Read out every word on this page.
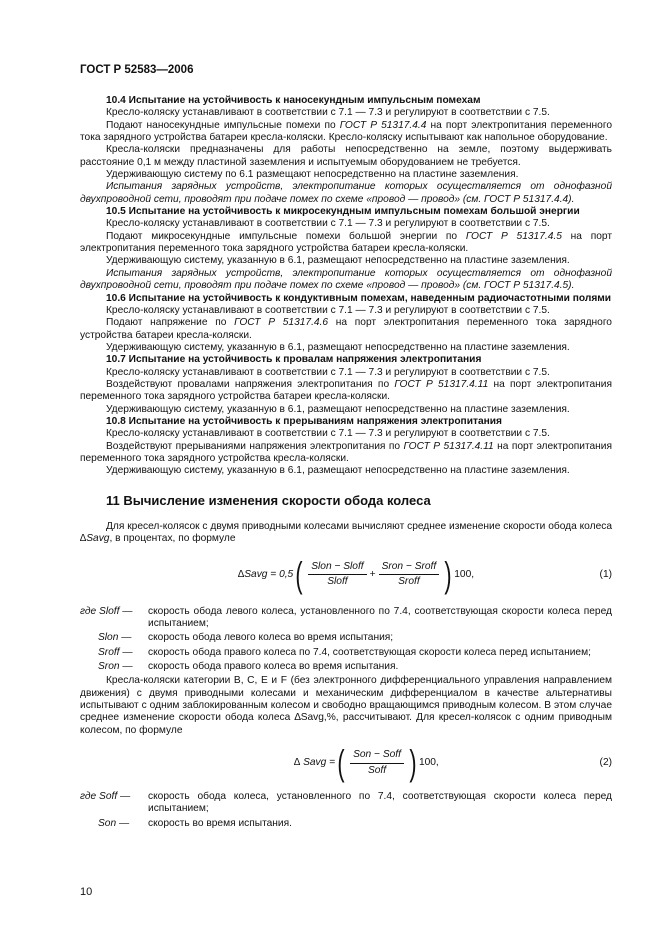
ГОСТ Р 52583—2006

10.4 Испытание на устойчивость к наносекундным импульсным помехам

Кресло-коляску устанавливают в соответствии с 7.1 — 7.3 и регулируют в соответствии с 7.5.

Подают наносекундные импульсные помехи по ГОСТ Р 51317.4.4 на порт электропитания переменного тока зарядного устройства батареи кресла-коляски. Кресло-коляску испытывают как напольное оборудование.

Кресла-коляски предназначены для работы непосредственно на земле, поэтому выдерживать расстояние 0,1 м между пластиной заземления и испытуемым оборудованием не требуется.

Удерживающую систему по 6.1 размещают непосредственно на пластине заземления.

Испытания зарядных устройств, электропитание которых осуществляется от однофазной двухпроводной сети, проводят при подаче помех по схеме «провод — провод» (см. ГОСТ Р 51317.4.4).

10.5 Испытание на устойчивость к микросекундным импульсным помехам большой энергии

Кресло-коляску устанавливают в соответствии с 7.1 — 7.3 и регулируют в соответствии с 7.5.

Подают микросекундные импульсные помехи большой энергии по ГОСТ Р 51317.4.5 на порт электропитания переменного тока зарядного устройства батареи кресла-коляски.

Удерживающую систему, указанную в 6.1, размещают непосредственно на пластине заземления.

Испытания зарядных устройств, электропитание которых осуществляется от однофазной двухпроводной сети, проводят при подаче помех по схеме «провод — провод» (см. ГОСТ Р 51317.4.5).

10.6 Испытание на устойчивость к кондуктивным помехам, наведенным радиочастотными полями

Кресло-коляску устанавливают в соответствии с 7.1 — 7.3 и регулируют в соответствии с 7.5.

Подают напряжение по ГОСТ Р 51317.4.6 на порт электропитания переменного тока зарядного устройства батареи кресла-коляски.

Удерживающую систему, указанную в 6.1, размещают непосредственно на пластине заземления.

10.7 Испытание на устойчивость к провалам напряжения электропитания

Кресло-коляску устанавливают в соответствии с 7.1 — 7.3 и регулируют в соответствии с 7.5.

Воздействуют провалами напряжения электропитания по ГОСТ Р 51317.4.11 на порт электропитания переменного тока зарядного устройства батареи кресла-коляски.

Удерживающую систему, указанную в 6.1, размещают непосредственно на пластине заземления.

10.8 Испытание на устойчивость к прерываниям напряжения электропитания

Кресло-коляску устанавливают в соответствии с 7.1 — 7.3 и регулируют в соответствии с 7.5.

Воздействуют прерываниями напряжения электропитания по ГОСТ Р 51317.4.11 на порт электропитания переменного тока зарядного устройства кресла-коляски.

Удерживающую систему, указанную в 6.1, размещают непосредственно на пластине заземления.

11 Вычисление изменения скорости обода колеса

Для кресел-колясок с двумя приводными колесами вычисляют среднее изменение скорости обода колеса ∆Savg, в процентах, по формуле

∆Savg = 0,5 ( $\frac{\text{Slon − Sloff}}{\text{Sloff}} + \frac{\text{Sron − Sroff}}{\text{Sroff}}$ ) 100,	(1)
где Sloff —	скорость обода левого колеса, установленного по 7.4, соответствующая скорости колеса перед испытанием;
Slon —	скорость обода левого колеса во время испытания;
Sroff —	скорость обода правого колеса по 7.4, соответствующая скорости колеса перед испытанием;
Sron —	скорость обода правого колеса во время испытания.

Кресла-коляски категории В, С, Е и F (без электронного дифференциального управления направлением движения) с двумя приводными колесами и механическим дифференциалом в качестве альтернативы испытывают с одним заблокированным колесом и свободно вращающимся приводным колесом. В этом случае среднее изменение скорости обода колеса ∆Savg,%, рассчитывают. Для кресел-колясок с одним приводным колесом, по формуле

∆ Savg = ( $\frac{\text{Son − Soff}}{\text{Soff}}$ ) 100,	(2)
где Soff —	скорость обода колеса, установленного по 7.4, соответствующая скорости колеса перед испытанием;
Son —	скорость во время испытания.
10
